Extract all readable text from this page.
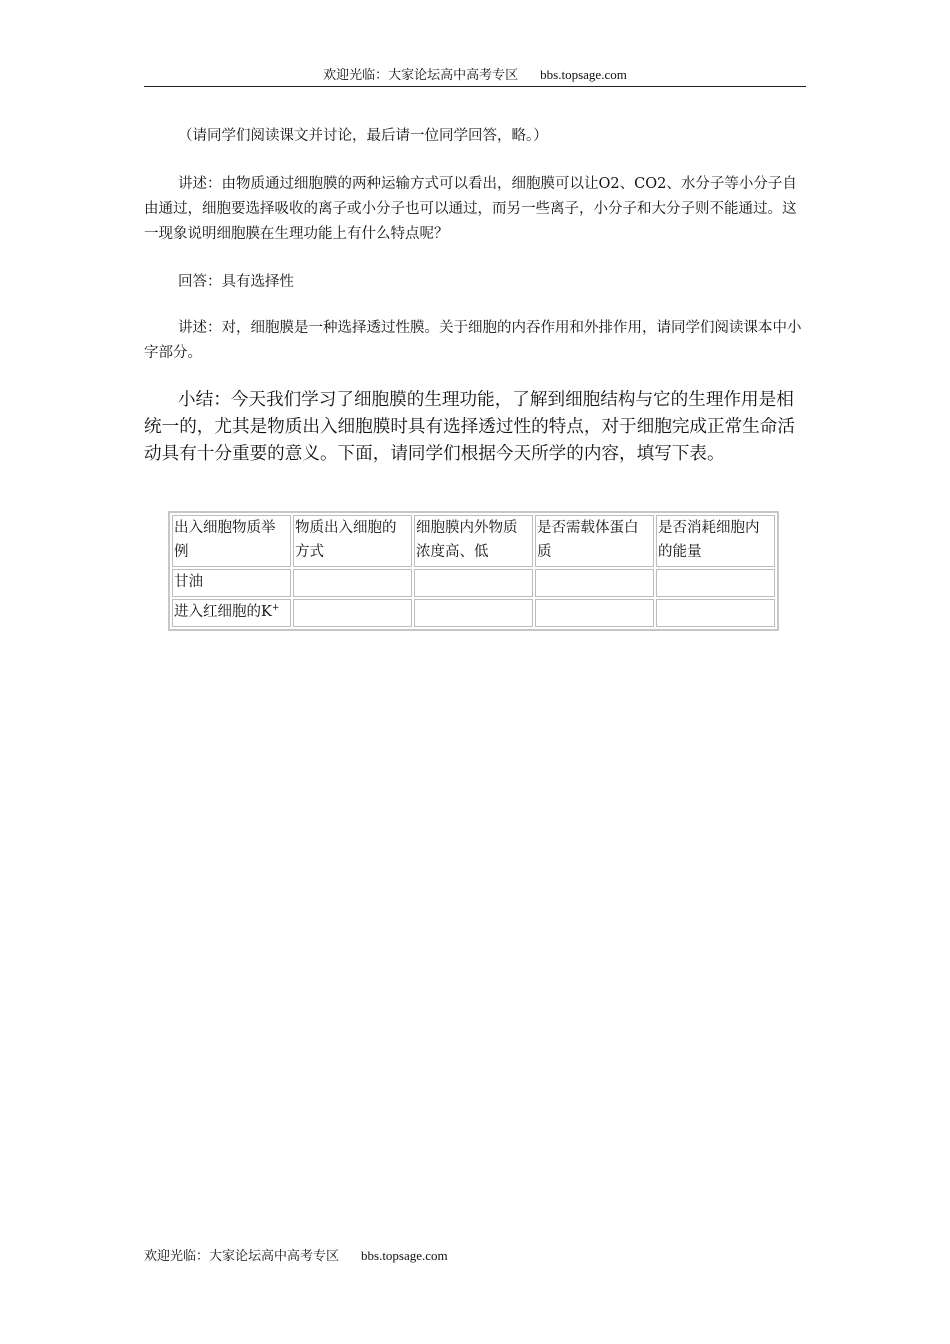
欢迎光临：大家论坛高中高考专区 bbs.topsage.com

（请同学们阅读课文并讨论，最后请一位同学回答，略。）

讲述：由物质通过细胞膜的两种运输方式可以看出，细胞膜可以让O2、CO2、水分子等小分子自由通过，细胞要选择吸收的离子或小分子也可以通过，而另一些离子，小分子和大分子则不能通过。这一现象说明细胞膜在生理功能上有什么特点呢？

回答：具有选择性

讲述：对，细胞膜是一种选择透过性膜。关于细胞的内吞作用和外排作用，请同学们阅读课本中小字部分。

小结：今天我们学习了细胞膜的生理功能，了解到细胞结构与它的生理作用是相统一的，尤其是物质出入细胞膜时具有选择透过性的特点，对于细胞完成正常生命活动具有十分重要的意义。下面，请同学们根据今天所学的内容，填写下表。

出入细胞物质举例	物质出入细胞的方式	细胞膜内外物质浓度高、低	是否需载体蛋白质	是否消耗细胞内的能量
甘油				
进入红细胞的K+				
欢迎光临：大家论坛高中高考专区 bbs.topsage.com
